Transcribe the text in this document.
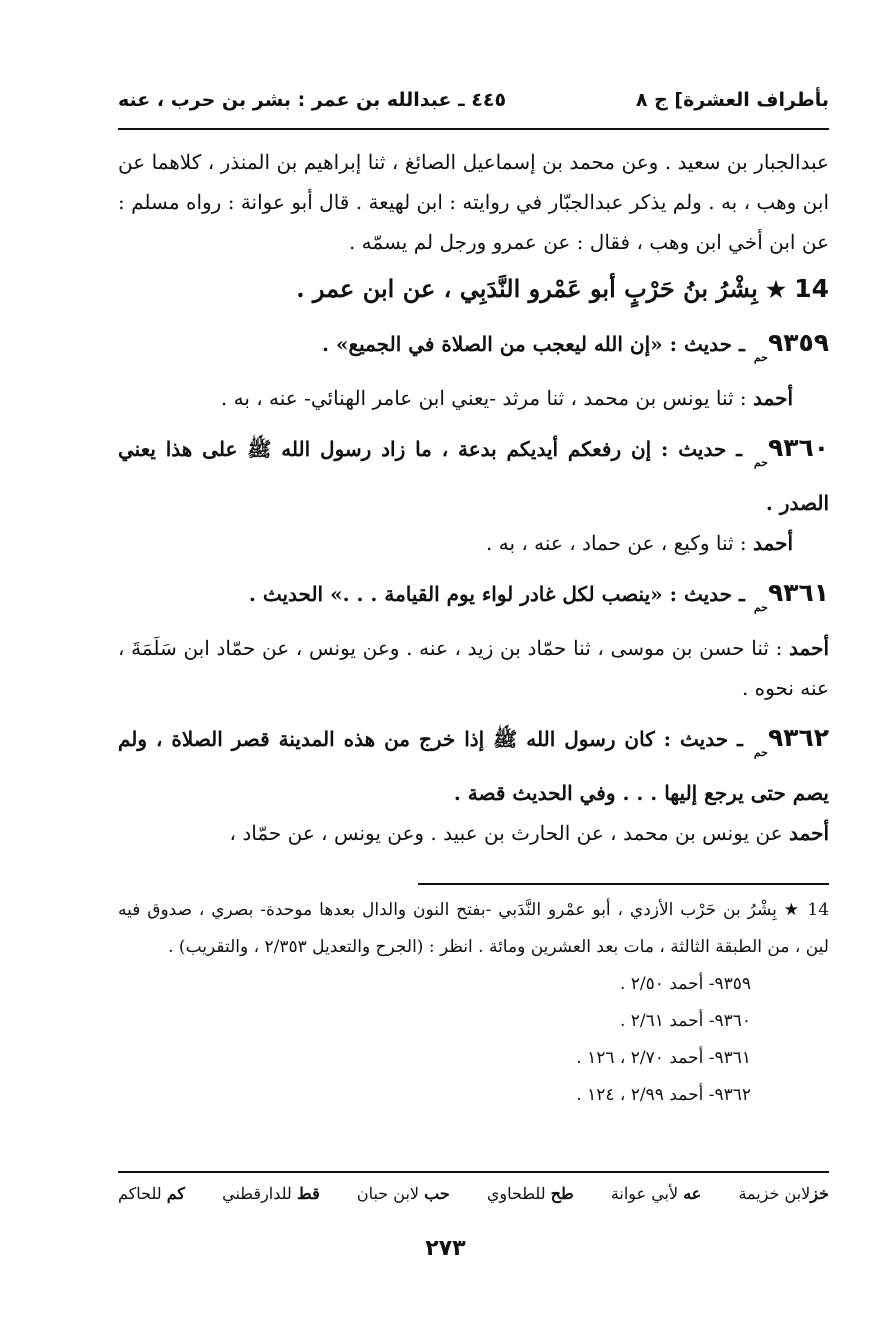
بأطراف العشرة] ج ٨
٤٤٥ ـ عبدالله بن عمر : بشر بن حرب ، عنه

عبدالجبار بن سعيد . وعن محمد بن إسماعيل الصائغ ، ثنا إبراهيم بن المنذر ، كلاهما عن ابن وهب ، به . ولم يذكر عبدالجبّار في روايته : ابن لهيعة . قال أبو عوانة : رواه مسلم : عن ابن أخي ابن وهب ، فقال : عن عمرو ورجل لم يسمّه .

14 ★ بِشْرُ بنُ حَرْبٍ أبو عَمْرو النَّدَبِي ، عن ابن عمر .

$٩٣٥٩^{حم}$ ـ حديث : «إن الله ليعجب من الصلاة في الجميع» .

أحمد : ثنا يونس بن محمد ، ثنا مرثد -يعني ابن عامر الهنائي- عنه ، به .

$٩٣٦٠^{حم}$ ـ حديث : إن رفعكم أيديكم بدعة ، ما زاد رسول الله ﷺ على هذا يعني الصدر .

أحمد : ثنا وكيع ، عن حماد ، عنه ، به .

$٩٣٦١^{حم}$ ـ حديث : «ينصب لكل غادر لواء يوم القيامة . . .» الحديث .

أحمد : ثنا حسن بن موسى ، ثنا حمّاد بن زيد ، عنه . وعن يونس ، عن حمّاد ابن سَلَمَةَ ، عنه نحوه .

$٩٣٦٢^{حم}$ ـ حديث : كان رسول الله ﷺ إذا خرج من هذه المدينة قصر الصلاة ، ولم يصم حتى يرجع إليها . . . وفي الحديث قصة .

أحمد عن يونس بن محمد ، عن الحارث بن عبيد . وعن يونس ، عن حمّاد ،

14 ★ بِشْرُ بن حَرْب الأزدي ، أبو عمْرو النَّدَبي -بفتح النون والدال بعدها موحدة- بصري ، صدوق فيه لين ، من الطبقة الثالثة ، مات بعد العشرين ومائة . انظر : (الجرح والتعديل ٢/٣٥٣ ، والتقريب) .

٩٣٥٩- أحمد ٢/٥٠ .

٩٣٦٠- أحمد ٢/٦١ .

٩٣٦١- أحمد ٢/٧٠ ، ١٢٦ .

٩٣٦٢- أحمد ٢/٩٩ ، ١٢٤ .

خزلابن خزيمة
عه لأبي عوانة
طح للطحاوي
حب لابن حبان
قط للدارقطني
كم للحاكم
٢٧٣
